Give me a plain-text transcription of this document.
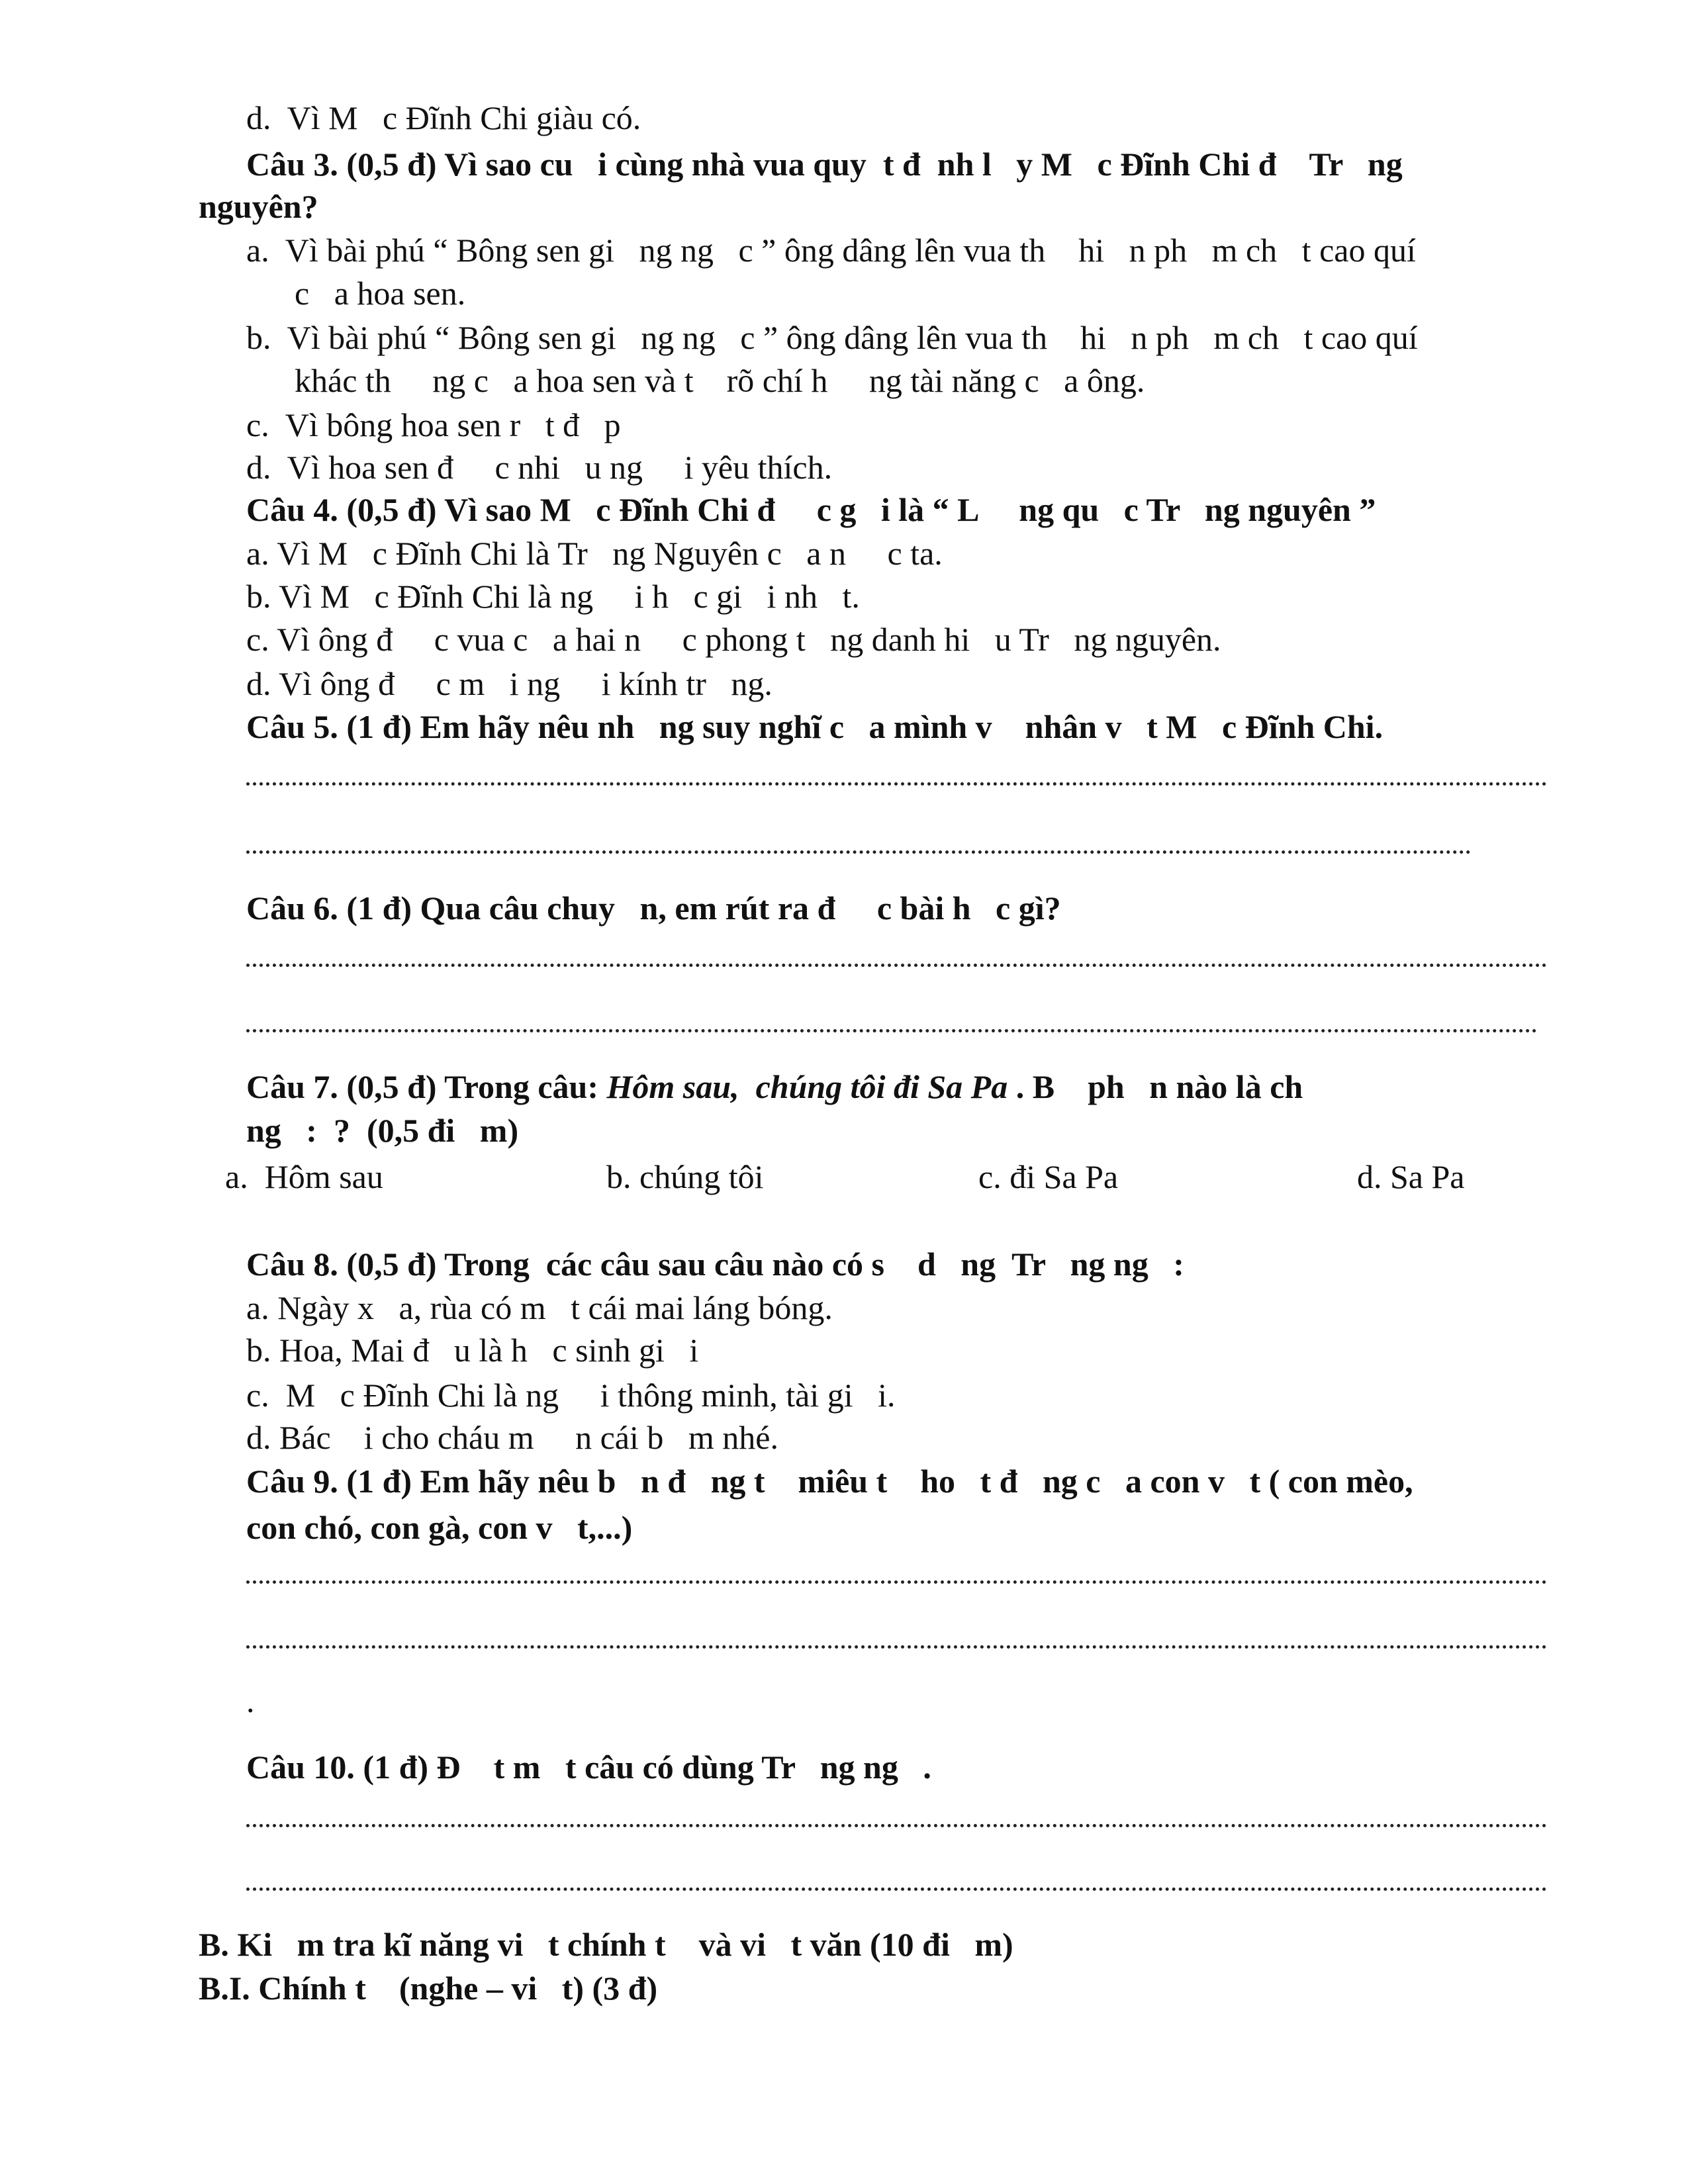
d.  Vì M   c Đĩnh Chi giàu có.
Câu 3. (0,5 đ) Vì sao cu   i cùng nhà vua quy  t đ  nh l   y M   c Đĩnh Chi đ    Tr   ng
nguyên?
a.  Vì bài phú “ Bông sen gi   ng ng   c ” ông dâng lên vua th    hi   n ph   m ch   t cao quí
c   a hoa sen.
b.  Vì bài phú “ Bông sen gi   ng ng   c ” ông dâng lên vua th    hi   n ph   m ch   t cao quí
khác th     ng c   a hoa sen và t    rõ chí h     ng tài năng c   a ông.
c.  Vì bông hoa sen r   t đ   p
d.  Vì hoa sen đ     c nhi   u ng     i yêu thích.
Câu 4. (0,5 đ) Vì sao M   c Đĩnh Chi đ     c g   i là “ L     ng qu   c Tr   ng nguyên ”
a. Vì M   c Đĩnh Chi là Tr   ng Nguyên c   a n     c ta.
b. Vì M   c Đĩnh Chi là ng     i h   c gi   i nh   t.
c. Vì ông đ     c vua c   a hai n     c phong t   ng danh hi   u Tr   ng nguyên.
d. Vì ông đ     c m   i ng     i kính tr   ng.
Câu 5. (1 đ) Em hãy nêu nh   ng suy nghĩ c   a mình v    nhân v   t M   c Đĩnh Chi.
Câu 6. (1 đ) Qua câu chuy   n, em rút ra đ     c bài h   c gì?
Câu 7. (0,5 đ) Trong câu: Hôm sau,  chúng tôi đi Sa Pa . B    ph   n nào là ch
ng   :  ?  (0,5 đi   m)
a.  Hôm sau	b. chúng tôi	c. đi Sa Pa	d. Sa Pa
Câu 8. (0,5 đ) Trong  các câu sau câu nào có s    d   ng  Tr   ng ng   :
a. Ngày x   a, rùa có m   t cái mai láng bóng.
b. Hoa, Mai đ   u là h   c sinh gi   i
c.  M   c Đĩnh Chi là ng     i thông minh, tài gi   i.
d. Bác    i cho cháu m     n cái b   m nhé.
Câu 9. (1 đ) Em hãy nêu b   n đ   ng t    miêu t    ho   t đ   ng c   a con v   t ( con mèo,
con chó, con gà, con v   t,...)
.
Câu 10. (1 đ) Đ    t m   t câu có dùng Tr   ng ng   .
B. Ki   m tra kĩ năng vi   t chính t    và vi   t văn (10 đi   m)
B.I. Chính t    (nghe – vi   t) (3 đ)
